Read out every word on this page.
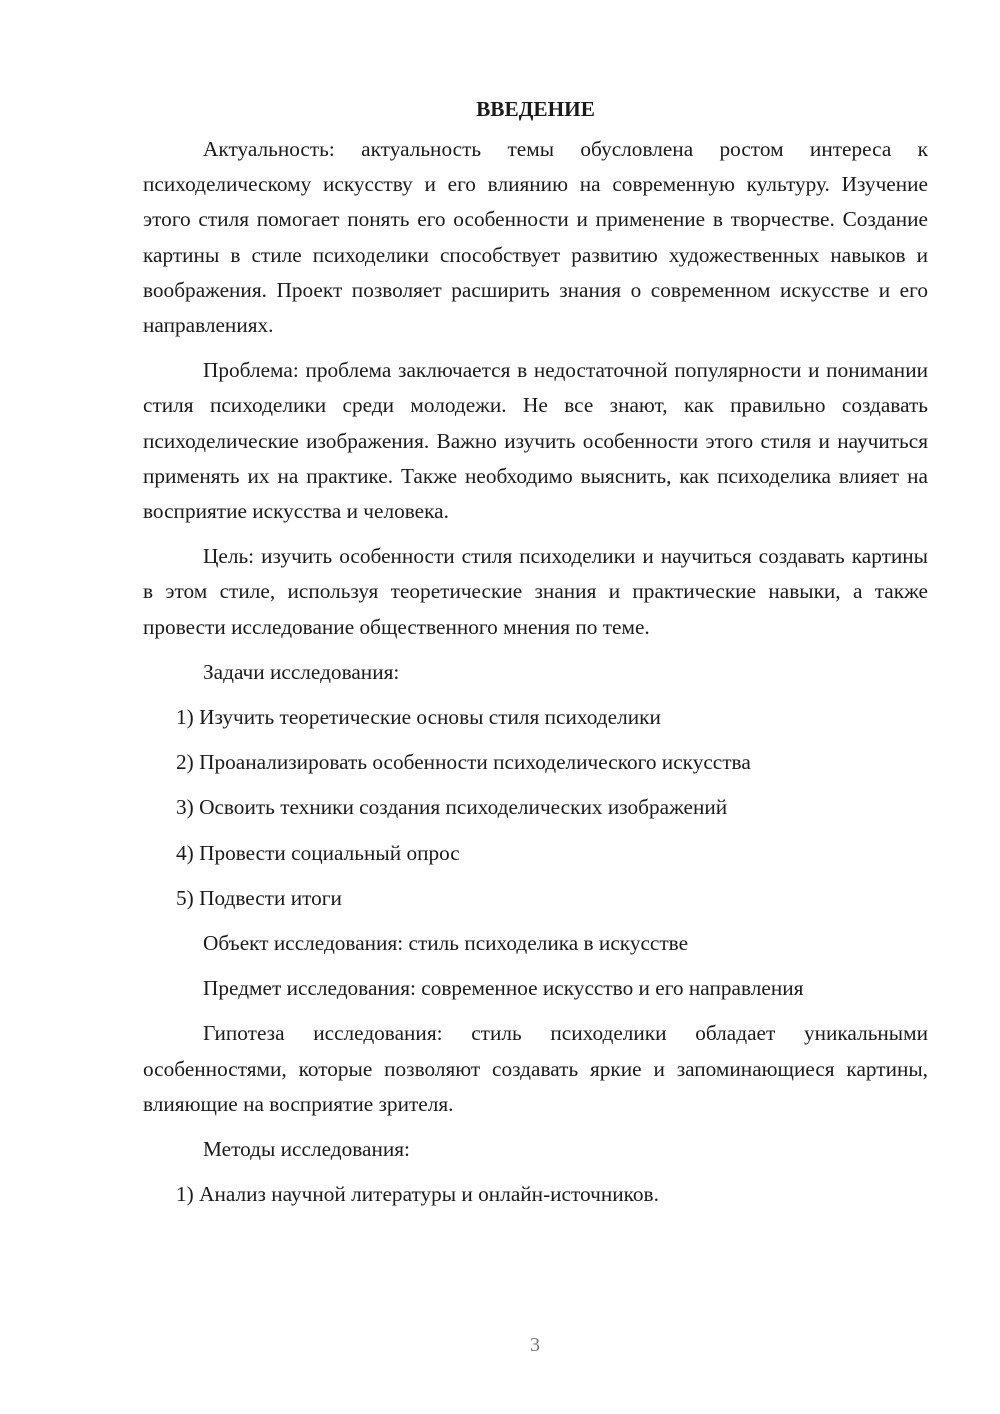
ВВЕДЕНИЕ

Актуальность: актуальность темы обусловлена ростом интереса к психоделическому искусству и его влиянию на современную культуру. Изучение этого стиля помогает понять его особенности и применение в творчестве. Создание картины в стиле психоделики способствует развитию художественных навыков и воображения. Проект позволяет расширить знания о современном искусстве и его направлениях.

Проблема: проблема заключается в недостаточной популярности и понимании стиля психоделики среди молодежи. Не все знают, как правильно создавать психоделические изображения. Важно изучить особенности этого стиля и научиться применять их на практике. Также необходимо выяснить, как психоделика влияет на восприятие искусства и человека.

Цель: изучить особенности стиля психоделики и научиться создавать картины в этом стиле, используя теоретические знания и практические навыки, а также провести исследование общественного мнения по теме.

Задачи исследования:
1) Изучить теоретические основы стиля психоделики
2) Проанализировать особенности психоделического искусства
3) Освоить техники создания психоделических изображений
4) Провести социальный опрос
5) Подвести итоги
Объект исследования: стиль психоделика в искусстве
Предмет исследования: современное искусство и его направления

Гипотеза исследования: стиль психоделики обладает уникальными особенностями, которые позволяют создавать яркие и запоминающиеся картины, влияющие на восприятие зрителя.

Методы исследования:
1) Анализ научной литературы и онлайн-источников.
3
